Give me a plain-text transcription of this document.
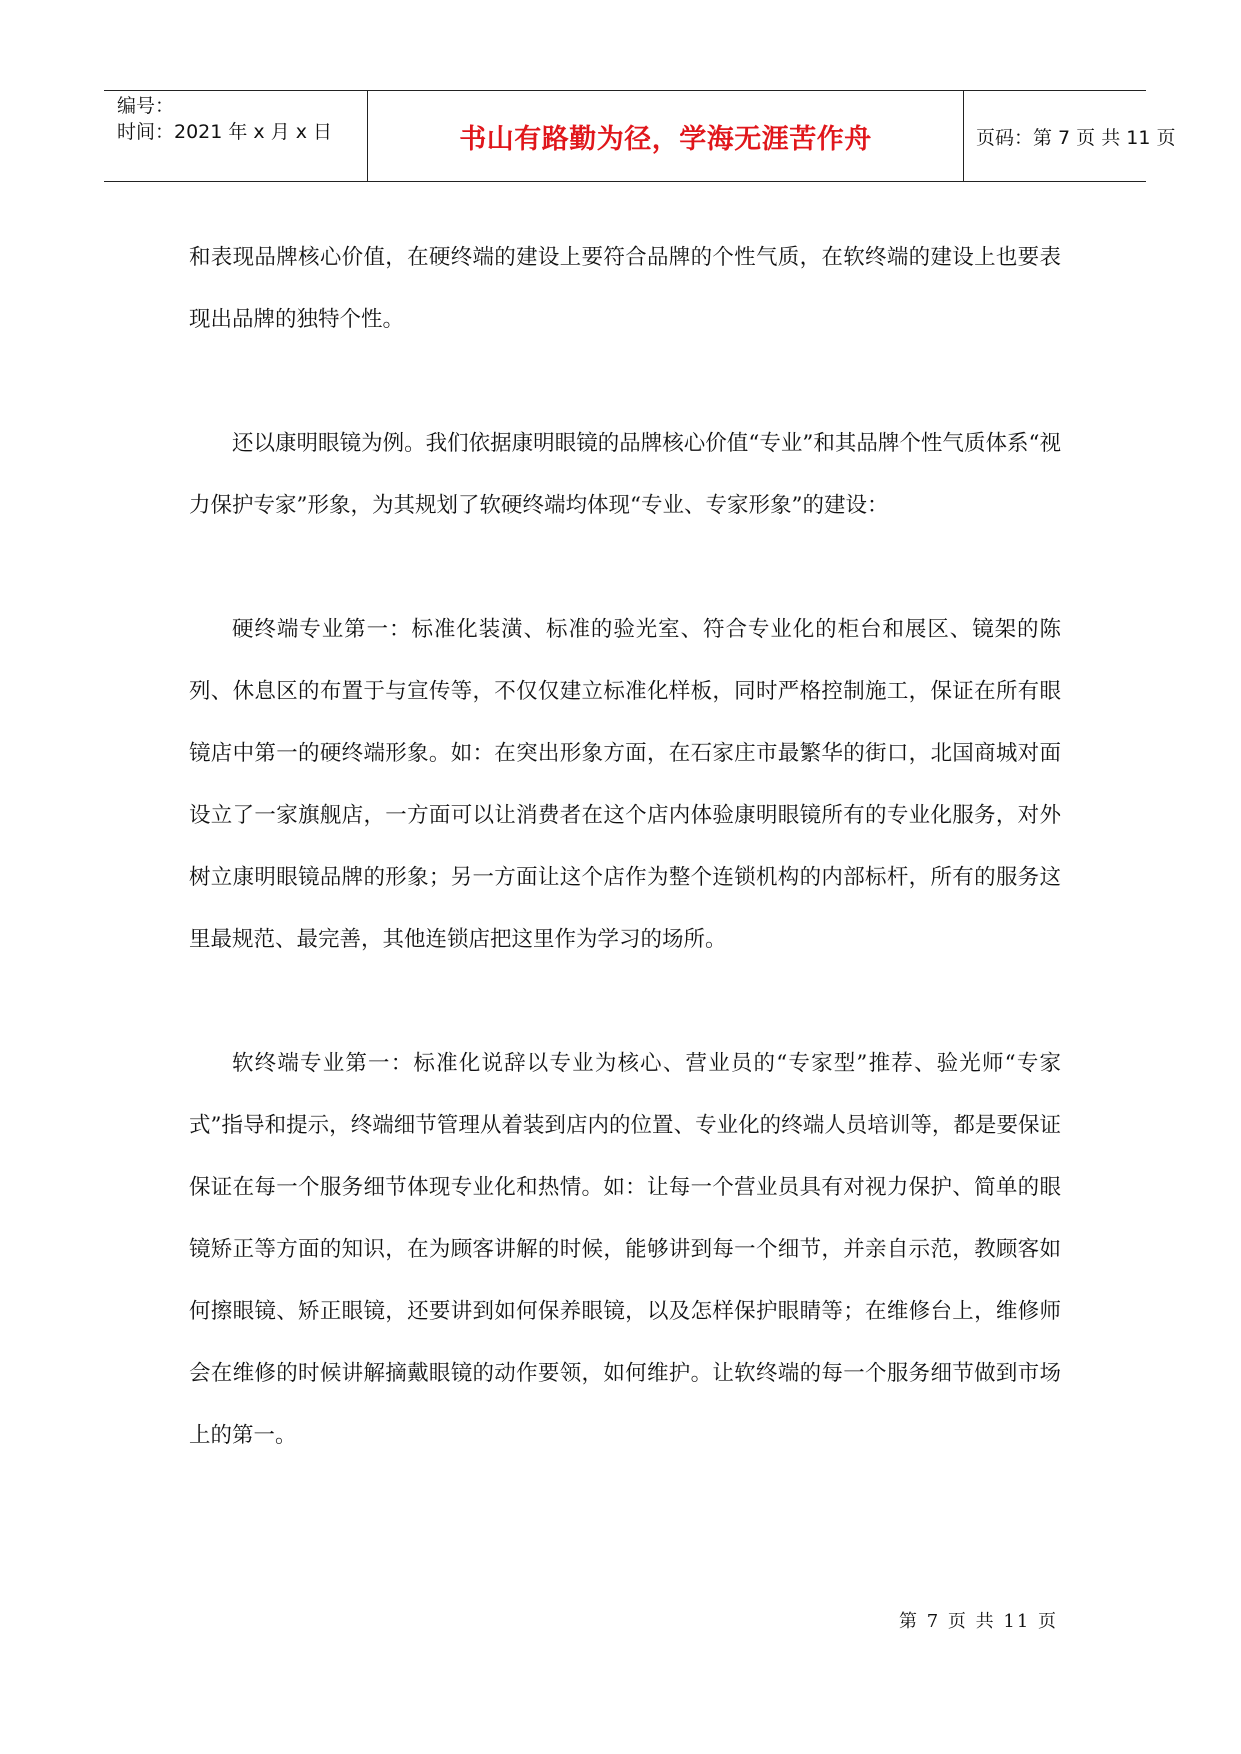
编号：
时间：2021 年 x 月 x 日	书山有路勤为径，学海无涯苦作舟	页码：第 7 页 共 11 页

和表现品牌核心价值，在硬终端的建设上要符合品牌的个性气质，在软终端的建设上也要表现出品牌的独特个性。

还以康明眼镜为例。我们依据康明眼镜的品牌核心价值“专业”和其品牌个性气质体系“视力保护专家”形象，为其规划了软硬终端均体现“专业、专家形象”的建设：

硬终端专业第一：标准化装潢、标准的验光室、符合专业化的柜台和展区、镜架的陈列、休息区的布置于与宣传等，不仅仅建立标准化样板，同时严格控制施工，保证在所有眼镜店中第一的硬终端形象。如：在突出形象方面，在石家庄市最繁华的街口，北国商城对面设立了一家旗舰店，一方面可以让消费者在这个店内体验康明眼镜所有的专业化服务，对外树立康明眼镜品牌的形象；另一方面让这个店作为整个连锁机构的内部标杆，所有的服务这里最规范、最完善，其他连锁店把这里作为学习的场所。

软终端专业第一：标准化说辞以专业为核心、营业员的“专家型”推荐、验光师“专家式”指导和提示，终端细节管理从着装到店内的位置、专业化的终端人员培训等，都是要保证保证在每一个服务细节体现专业化和热情。如：让每一个营业员具有对视力保护、简单的眼镜矫正等方面的知识，在为顾客讲解的时候，能够讲到每一个细节，并亲自示范，教顾客如何擦眼镜、矫正眼镜，还要讲到如何保养眼镜，以及怎样保护眼睛等；在维修台上，维修师会在维修的时候讲解摘戴眼镜的动作要领，如何维护。让软终端的每一个服务细节做到市场上的第一。

第 7 页 共 11 页
